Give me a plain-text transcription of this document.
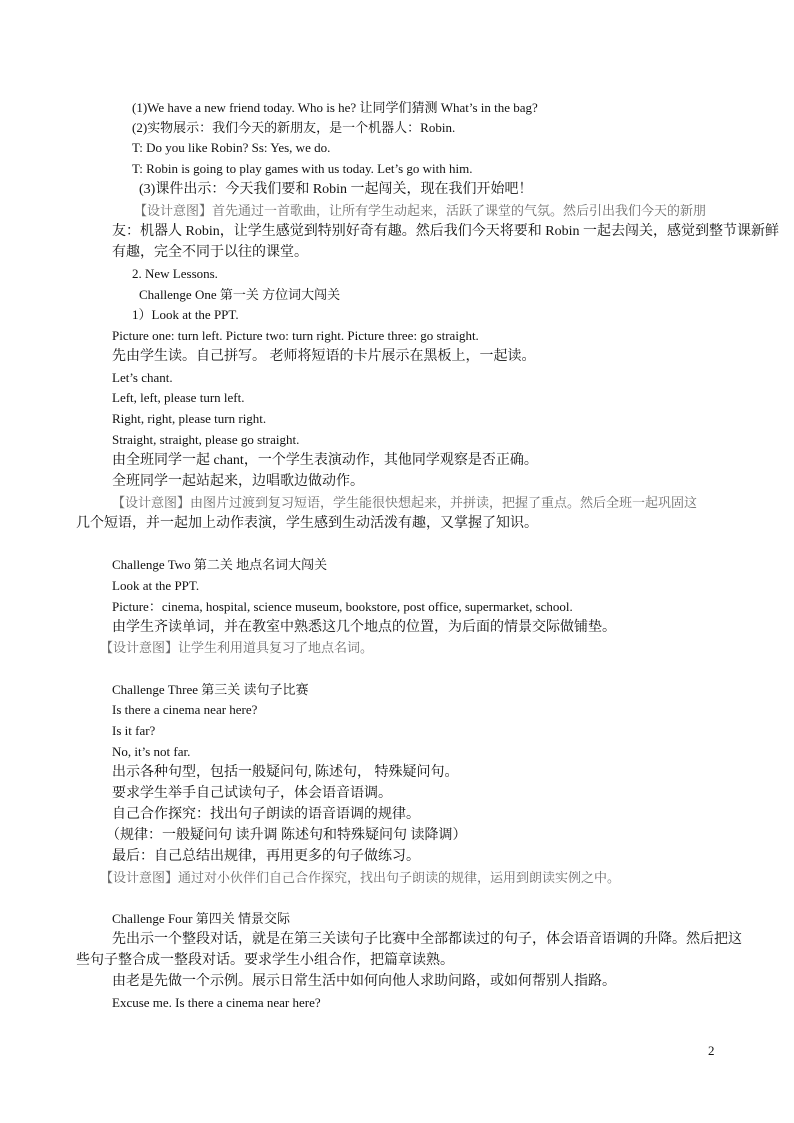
(1)We have a new friend today. Who is he? 让同学们猜测 What’s in the bag?
(2)实物展示：我们今天的新朋友，是一个机器人：Robin.
T: Do you like Robin? Ss: Yes, we do.
T: Robin is going to play games with us today. Let’s go with him.
(3)课件出示：今天我们要和 Robin 一起闯关，现在我们开始吧！
【设计意图】首先通过一首歌曲，让所有学生动起来，活跃了课堂的气氛。然后引出我们今天的新朋
友：机器人 Robin，让学生感觉到特别好奇有趣。然后我们今天将要和 Robin 一起去闯关，感觉到整节课新鲜
有趣，完全不同于以往的课堂。
2. New Lessons.
Challenge One 第一关 方位词大闯关
1）Look at the PPT.
Picture one: turn left. Picture two: turn right. Picture three: go straight.
先由学生读。自己拼写。 老师将短语的卡片展示在黑板上，一起读。
Let’s chant.
Left, left, please turn left.
Right, right, please turn right.
Straight, straight, please go straight.
由全班同学一起 chant，一个学生表演动作，其他同学观察是否正确。
全班同学一起站起来，边唱歌边做动作。
【设计意图】由图片过渡到复习短语，学生能很快想起来，并拼读，把握了重点。然后全班一起巩固这
几个短语，并一起加上动作表演，学生感到生动活泼有趣，又掌握了知识。
Challenge Two 第二关 地点名词大闯关
Look at the PPT.
Picture：cinema, hospital, science museum, bookstore, post office, supermarket, school.
由学生齐读单词，并在教室中熟悉这几个地点的位置，为后面的情景交际做铺垫。
【设计意图】让学生利用道具复习了地点名词。
Challenge Three 第三关 读句子比赛
Is there a cinema near here?
Is it far?
No, it’s not far.
出示各种句型，包括一般疑问句, 陈述句， 特殊疑问句。
要求学生举手自己试读句子，体会语音语调。
自己合作探究：找出句子朗读的语音语调的规律。
（规律：一般疑问句 读升调 陈述句和特殊疑问句 读降调）
最后：自己总结出规律，再用更多的句子做练习。
【设计意图】通过对小伙伴们自己合作探究，找出句子朗读的规律，运用到朗读实例之中。
Challenge Four 第四关 情景交际
先出示一个整段对话，就是在第三关读句子比赛中全部都读过的句子，体会语音语调的升降。然后把这
些句子整合成一整段对话。要求学生小组合作，把篇章读熟。
由老是先做一个示例。展示日常生活中如何向他人求助问路，或如何帮别人指路。
Excuse me. Is there a cinema near here?
2
